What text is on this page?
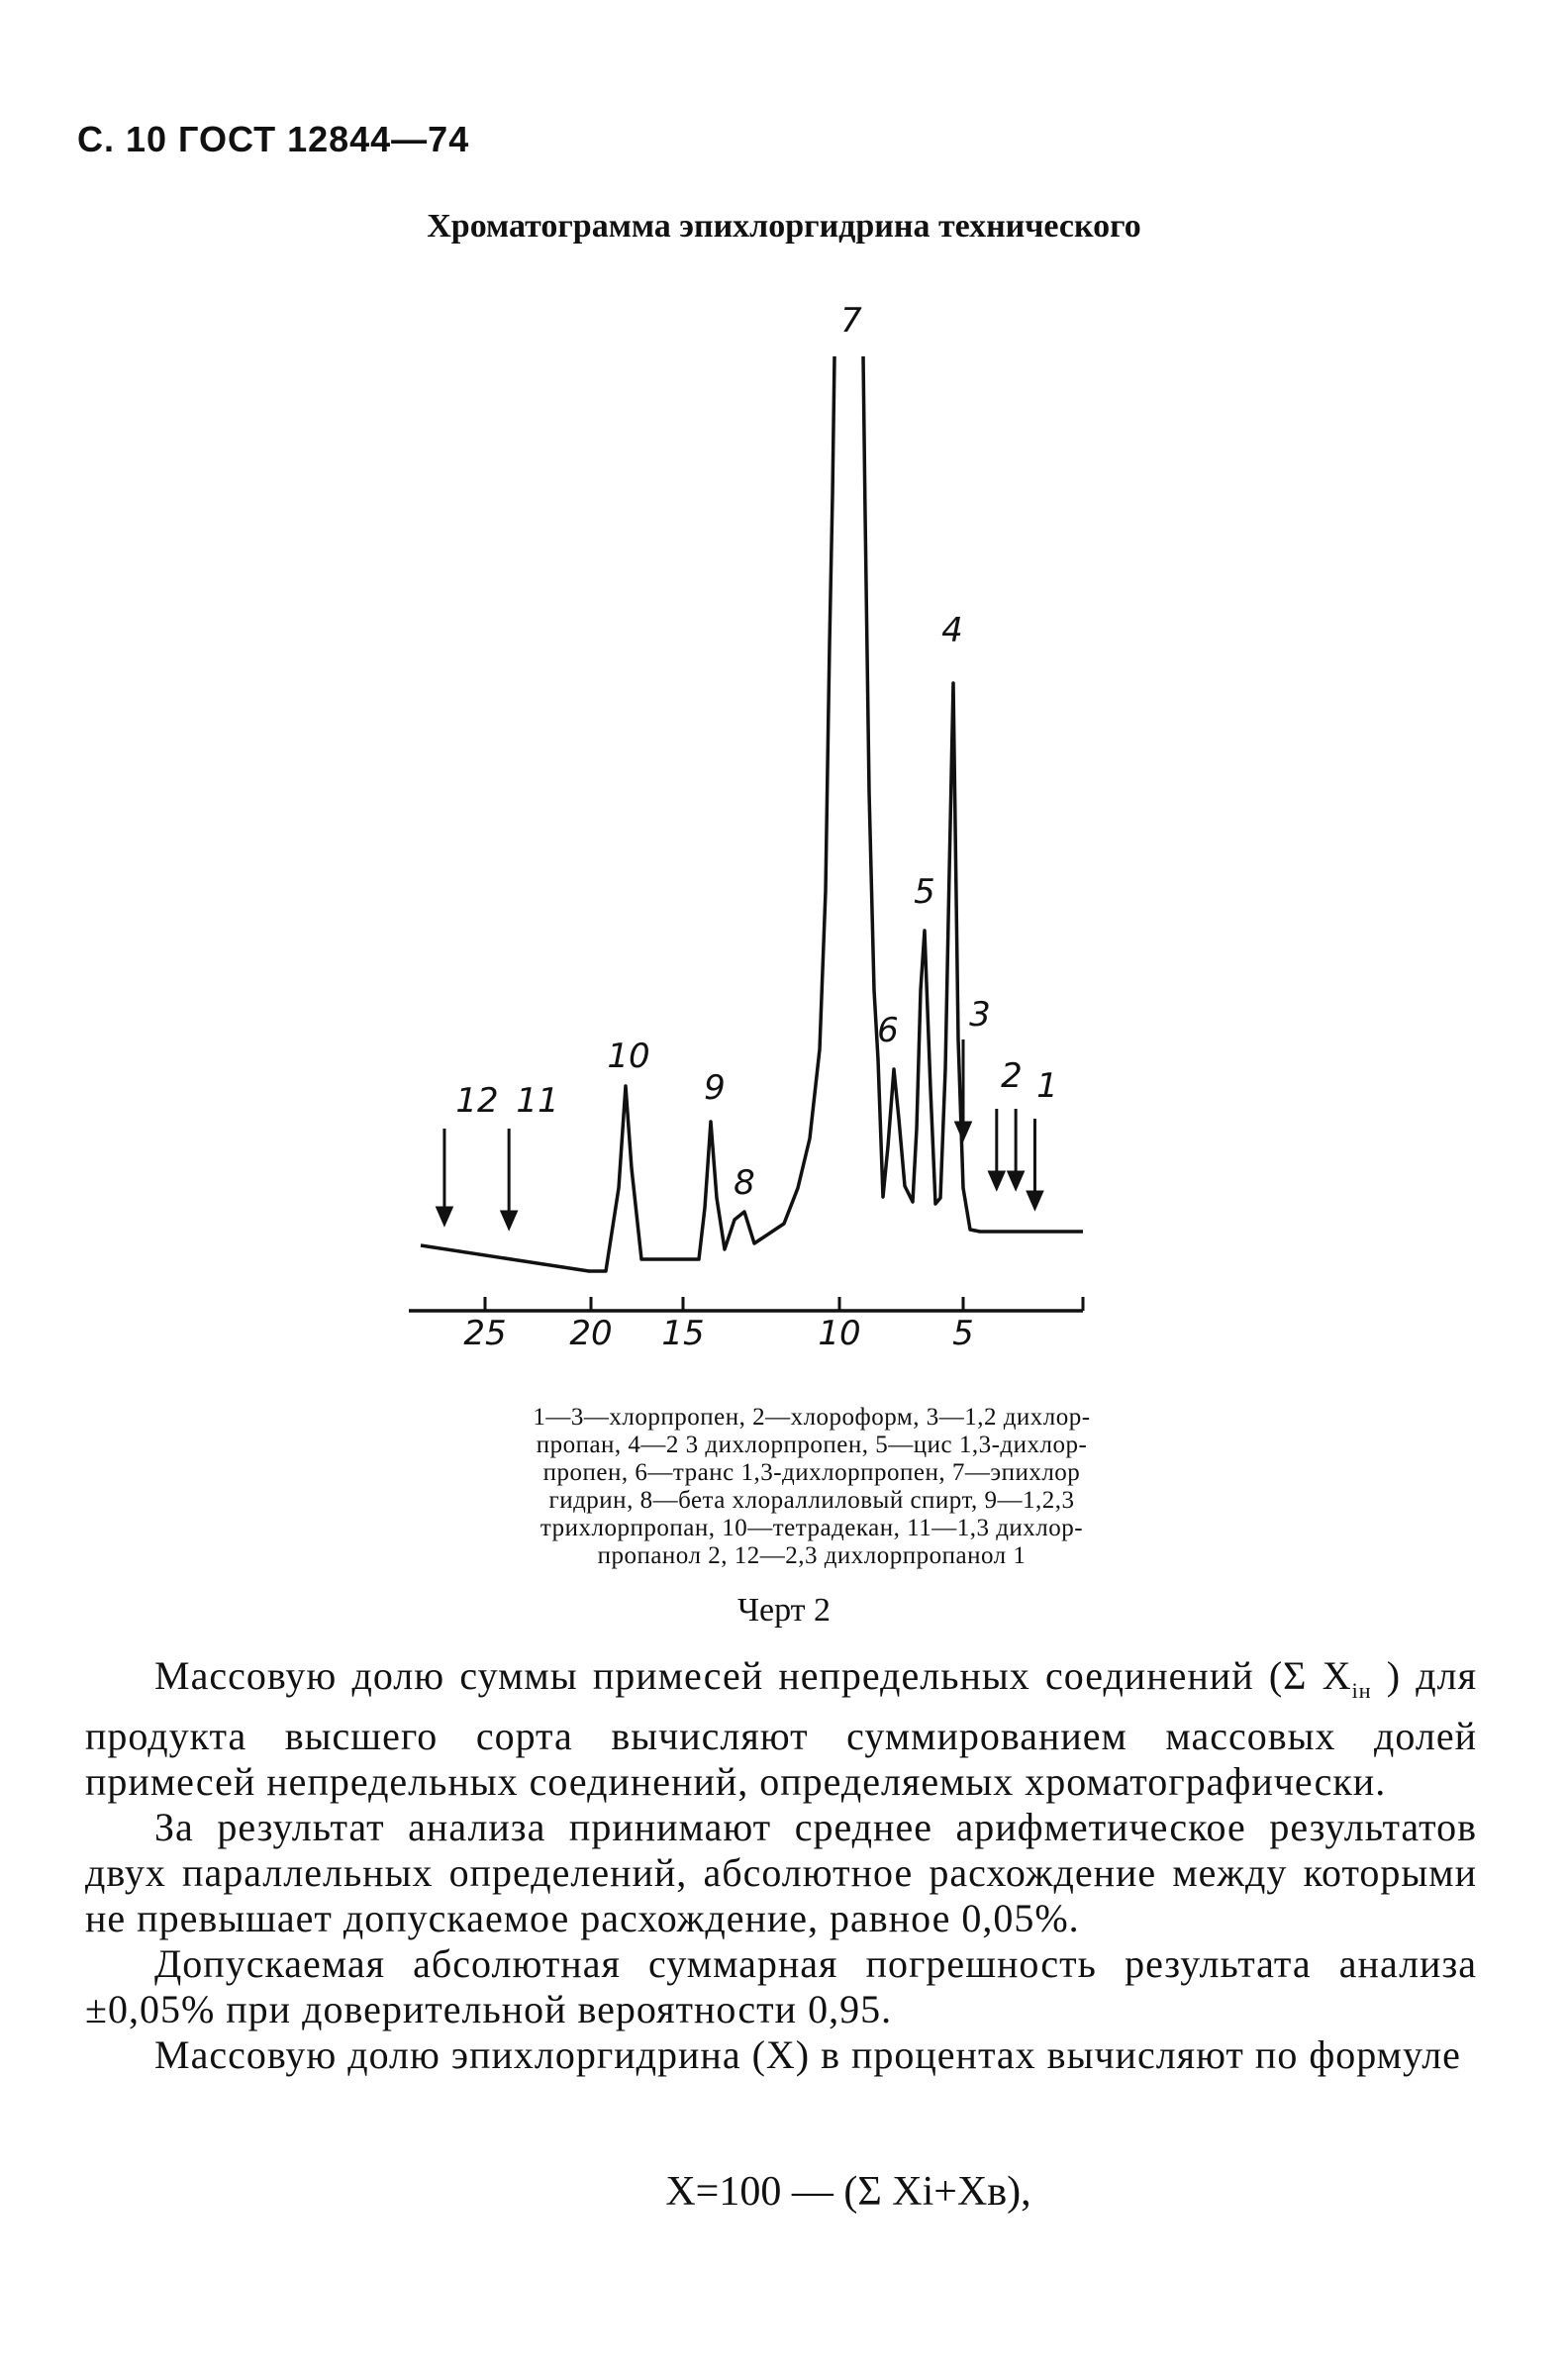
С. 10 ГОСТ 12844—74
Хроматограмма эпихлоргидрина технического
25 20 15	10	5
7
4
5
6 3
2 1
10
9
8
11
12
1—3—хлорпропен, 2—хлороформ, 3—1,2 дихлор-
пропан, 4—2 3 дихлорпропен, 5—цис 1,3-дихлор-
пропен, 6—транс 1,3-дихлорпропен, 7—эпихлор
гидрин, 8—бета хлораллиловый спирт, 9—1,2,3
трихлорпропан, 10—тетрадекан, 11—1,3 дихлор-
пропанол 2, 12—2,3 дихлорпропанол 1
Черт 2

Массовую долю суммы примесей непредельных соединений (Σ $X_{iн}$ ) для продукта высшего сорта вычисляют суммированием массовых долей примесей непредельных соединений, определяемых хроматографически.

За результат анализа принимают среднее арифметическое результатов двух параллельных определений, абсолютное расхождение между которыми не превышает допускаемое расхождение, равное 0,05%.

Допускаемая абсолютная суммарная погрешность результата анализа ±0,05% при доверительной вероятности 0,95.

Массовую долю эпихлоргидрина (X) в процентах вычисляют по формуле

X=100 — (Σ Xi+Xв),
